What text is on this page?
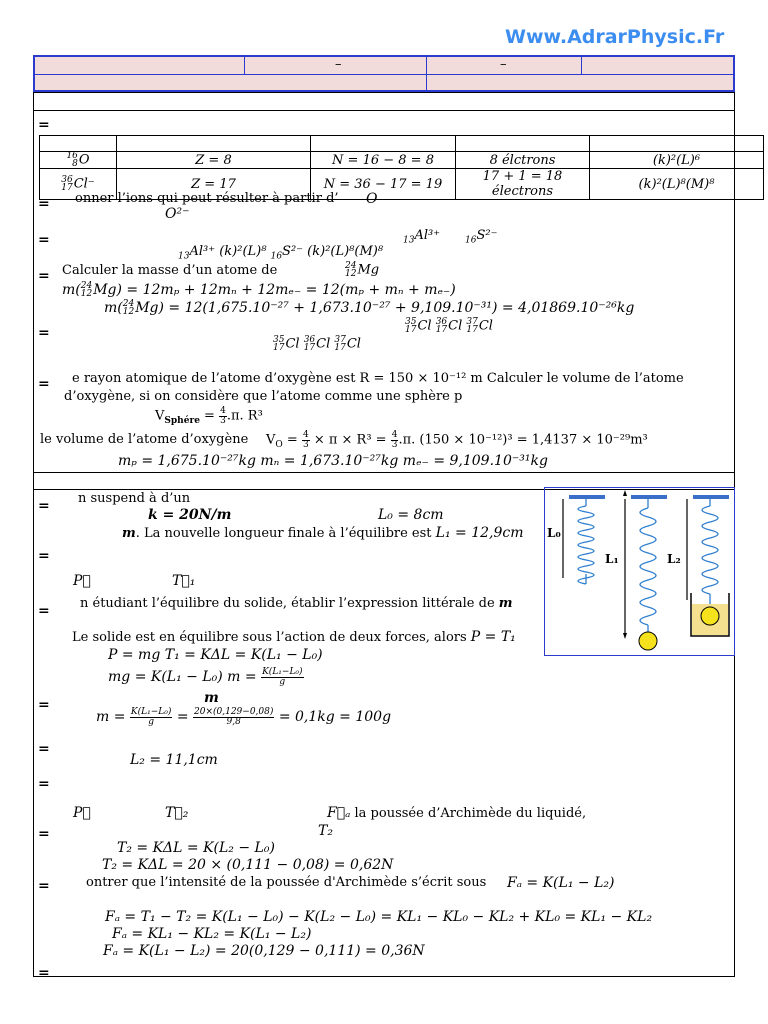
Www.AdrarPhysic.Fr
–	–
=
=
=
=
=
=
=
=
=
=
=
=
=
=
=

16
8O	Z = 8	N = 16 − 8 = 8	8 élctrons	(k)²(L)⁶
36
17Cl⁻	Z = 17	N = 36 − 17 = 19	17 + 1 = 18 électrons	(k)²(L)⁸(M)⁸
onner l’ions qui peut résulter à partir d’ O
O²⁻
$_{13}$Al³⁺	$_{16}$S²⁻
$_{13}$Al³⁺ (k)²(L)⁸ $_{16}$S²⁻ (k)²(L)⁸(M)⁸
Calculer la masse d’un atome de	24
12Mg
m(24
12Mg) = 12mₚ + 12mₙ + 12mₑ₋ = 12(mₚ + mₙ + mₑ₋)
m(24
12Mg) = 12(1,675.10⁻²⁷ + 1,673.10⁻²⁷ + 9,109.10⁻³¹) = 4,01869.10⁻²⁶kg
35
17Cl 36
17Cl 37
17Cl
35
17Cl 36
17Cl 37
17Cl
e rayon atomique de l’atome d’oxygène est R = 150 × 10⁻¹² m Calculer le volume de l’atome
d’oxygène, si on considère que l’atome comme une sphère p
$V_{Sphére} = 4$
3.π. R³
le volume de l’atome d’oxygène $V_O = 4$
3 × π × R³ = 4
3.π. (150 × 10⁻¹²)³ = 1,4137 × 10⁻²⁹m³
mₚ = 1,675.10⁻²⁷kg mₙ = 1,673.10⁻²⁷kg mₑ₋ = 9,109.10⁻³¹kg
n suspend à d’un
k = 20N/m	L₀ = 8cm
m. La nouvelle longueur finale à l’équilibre est L₁ = 12,9cm
P⃗	T⃗₁
n étudiant l’équilibre du solide, établir l’expression littérale de m
Le solide est en équilibre sous l’action de deux forces, alors P = T₁
P = mg T₁ = KΔL = K(L₁ − L₀)
mg = K(L₁ − L₀) m = K(L₁−L₀)
g
m
m = K(L₁−L₀)
g = 20×(0,129−0,08)
9,8	= 0,1kg = 100g
L₂ = 11,1cm
P⃗	T⃗₂	F⃗ₐ la poussée d’Archimède du liquidé,
T₂
T₂ = KΔL = K(L₂ − L₀)
T₂ = KΔL = 20 × (0,111 − 0,08) = 0,62N
ontrer que l’intensité de la poussée d'Archimède s’écrit sous Fₐ = K(L₁ − L₂)
Fₐ = T₁ − T₂ = K(L₁ − L₀) − K(L₂ − L₀) = KL₁ − KL₀ − KL₂ + KL₀ = KL₁ − KL₂
Fₐ = KL₁ − KL₂ = K(L₁ − L₂)
Fₐ = K(L₁ − L₂) = 20(0,129 − 0,111) = 0,36N
L₀
L₁	L₂
